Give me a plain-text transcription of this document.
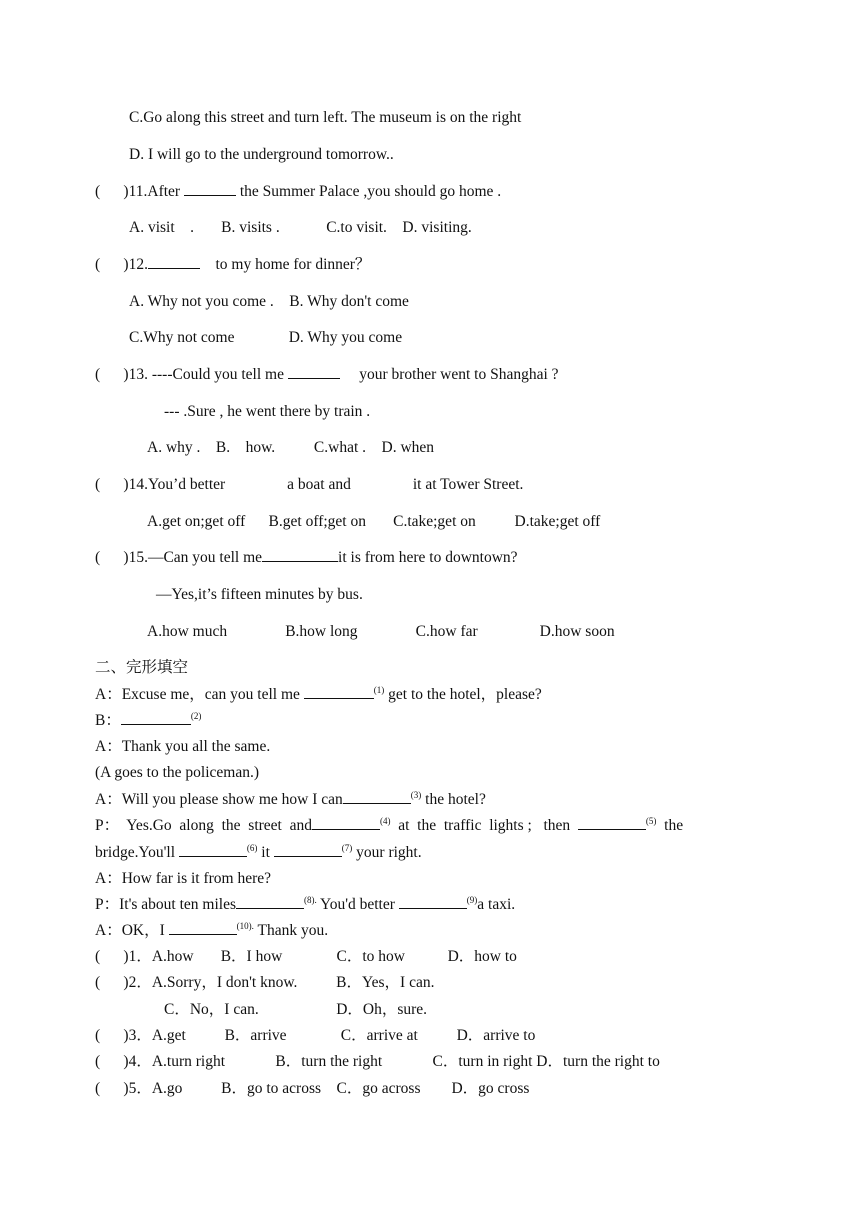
C.Go along this street and turn left. The museum is on the right
D. I will go to the underground tomorrow..
(      )11.After	the Summer Palace ,you should go home .
A. visit    .       B. visits .            C.to visit.    D. visiting.
(      )12.	to my home for dinner？
A. Why not you come .    B. Why don't come
C.Why not come              D. Why you come
(      )13. ----Could you tell me	your brother went to Shanghai ?
--- .Sure , he went there by train .
A. why .    B.    how.          C.what .    D. when
(      )14.You’d better                a boat and                it at Tower Street.
A.get on;get off      B.get off;get on       C.take;get on          D.take;get off
(      )15.—Can you tell me	it is from here to downtown?
—Yes,it’s fifteen minutes by bus.
A.how much               B.how long               C.how far                D.how soon
二、完形填空
A：Excuse me，can you tell me	$^{(1)}$ get to the hotel，please?
B：	$^{(2)}$
A：Thank you all the same.
(A goes to the policeman.)
A：Will you please show me how I can	$^{(3)}$ the hotel?
P：  Yes.Go  along  the  street  and	$^{(4)}$  at  the  traffic  lights ;   then	$^{(5)}$  the
bridge.You'll	$^{(6)}$ it	$^{(7)}$ your right.
A：How far is it from here?
P：It's about ten miles	$^{(8).}$ You'd better	$^{(9)}$a taxi.
A：OK，I	$^{(10).}$ Thank you.
(      )1．A.how       B．I how              C．to how           D．how to
(      )2．A.Sorry，I don't know.          B．Yes，I can.
C．No，I can.                    D．Oh，sure.
(      )3．A.get          B．arrive              C．arrive at          D．arrive to
(      )4．A.turn right             B．turn the right             C．turn in right D．turn the right to
(      )5．A.go          B．go to across    C．go across        D．go cross
